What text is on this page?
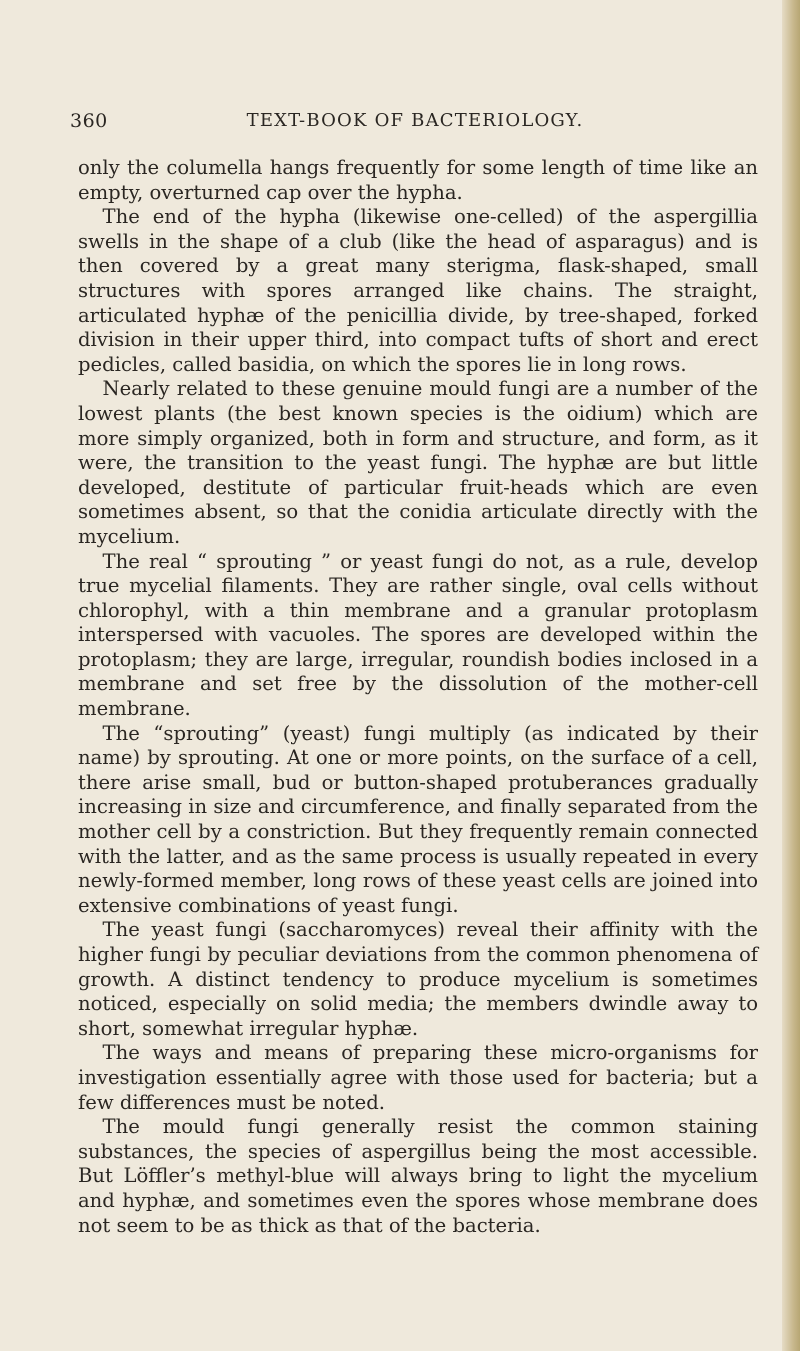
360	TEXT-BOOK OF BACTERIOLOGY.

only the columella hangs frequently for some length of time like an empty, overturned cap over the hypha.

The end of the hypha (likewise one-celled) of the aspergillia swells in the shape of a club (like the head of asparagus) and is then covered by a great many sterigma, flask-shaped, small structures with spores arranged like chains. The straight, articulated hyphæ of the penicillia divide, by tree-shaped, forked division in their upper third, into compact tufts of short and erect pedicles, called basidia, on which the spores lie in long rows.

Nearly related to these genuine mould fungi are a number of the lowest plants (the best known species is the oidium) which are more simply organized, both in form and structure, and form, as it were, the transition to the yeast fungi. The hyphæ are but little developed, destitute of particular fruit-heads which are even sometimes absent, so that the conidia articulate directly with the mycelium.

The real “ sprouting ” or yeast fungi do not, as a rule, develop true mycelial filaments. They are rather single, oval cells without chlorophyl, with a thin membrane and a granular protoplasm interspersed with vacuoles. The spores are developed within the protoplasm; they are large, irregular, roundish bodies inclosed in a membrane and set free by the dissolution of the mother-cell membrane.

The “sprouting” (yeast) fungi multiply (as indicated by their name) by sprouting. At one or more points, on the surface of a cell, there arise small, bud or button-shaped protuberances gradually increasing in size and circumference, and finally separated from the mother cell by a constriction. But they frequently remain connected with the latter, and as the same process is usually repeated in every newly-formed member, long rows of these yeast cells are joined into extensive combinations of yeast fungi.

The yeast fungi (saccharomyces) reveal their affinity with the higher fungi by peculiar deviations from the common phenomena of growth. A distinct tendency to produce mycelium is sometimes noticed, especially on solid media; the members dwindle away to short, somewhat irregular hyphæ.

The ways and means of preparing these micro-organisms for investigation essentially agree with those used for bacteria; but a few differences must be noted.

The mould fungi generally resist the common staining substances, the species of aspergillus being the most accessible. But Löffler’s methyl-blue will always bring to light the mycelium and hyphæ, and sometimes even the spores whose membrane does not seem to be as thick as that of the bacteria.
